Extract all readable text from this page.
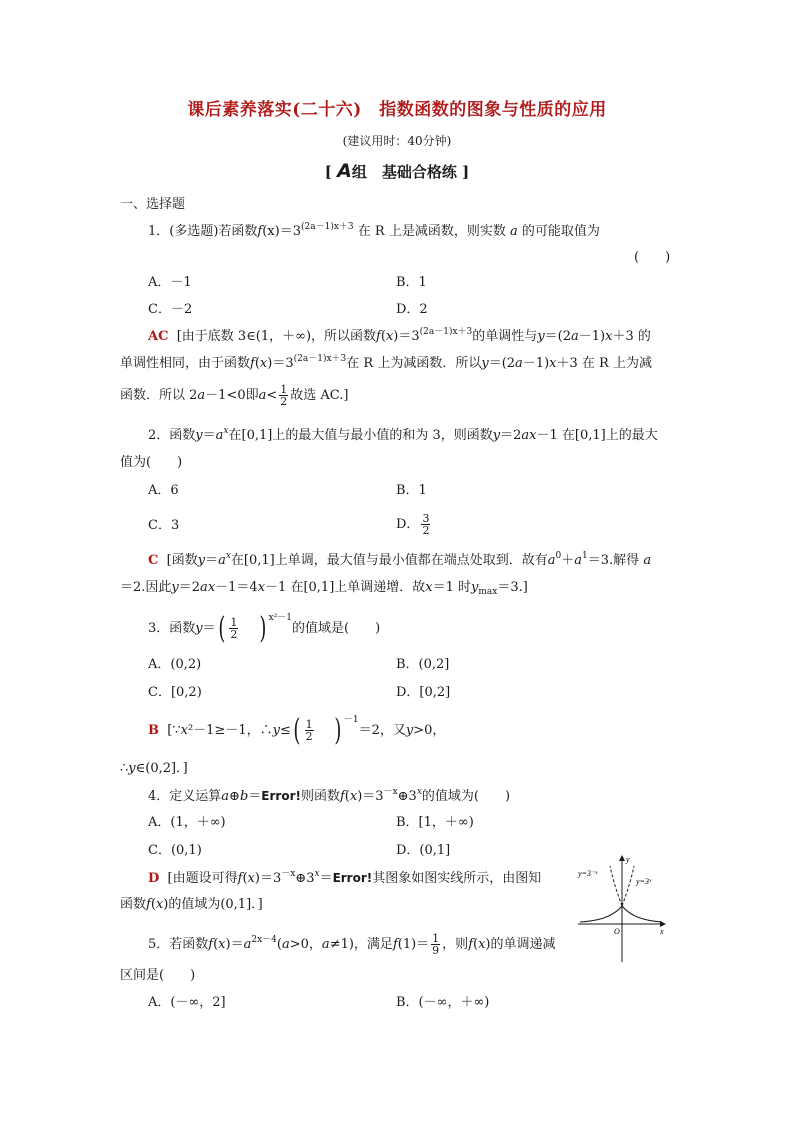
课后素养落实(二十六)　指数函数的图象与性质的应用
(建议用时：40分钟)
[ A组　基础合格练 ]
一、选择题
1．(多选题)若函数$f(x)=3^{(2a-1)x+3}$ 在 R 上是减函数，则实数 a 的可能取值为
(　　)
A．－1	B．1
C．－2	D．2
AC [由于底数 3∈(1，＋∞)，所以函数$f(x)=3^{(2a-1)x+3}$的单调性与y＝(2a－1)x＋3 的
单调性相同，由于函数$f(x)=3^{(2a-1)x+3}$在 R 上为减函数．所以y＝(2a－1)x＋3 在 R 上为减
函数．所以 2a－1<0即$a< \frac{1}{2}$ 故选 AC.]
2．函数$y=a^x$在[0,1]上的最大值与最小值的和为 3，则函数y＝2ax－1 在[0,1]上的最大
值为(　　)
A．6	B．1
C．3	D． $\frac{3}{2}$
C [函数$y=a^x$在[0,1]上单调，最大值与最小值都在端点处取到．故有$a^0+a^1=3$.解得 a
＝2.因此y＝2ax－1＝4x－1 在[0,1]上单调递增．故x＝1 时$y_{max}=3$.]
3．函数$y=( \frac{1}{2}$ ) $^{x^2-1}$的值域是(　　)
A．(0,2)	B．(0,2]
C．[0,2)	D．[0,2]
B [∵x²－1≥－1，∴y≤( $\frac{1}{2}$ ) $^{-1}$＝2，又y>0，
∴y∈(0,2]．]
4．定义运算a⊕b＝Error!则函数$f(x)=3^{-x}\oplus 3^x$的值域为(　　)
A．(1，＋∞)	B．[1，＋∞)
C．(0,1)	D．(0,1]
D [由题设可得$f(x)=3^{-x}\oplus 3^x=Error$!其图象如图实线所示，由图知
函数f(x)的值域为(0,1]．]
y=3⁻ˣ
y=3ˣ
y
x
O
5．若函数$f(x)=a^{2x-4}(a>0$，a≠1)，满足$f(1)= \frac{1}{9}$ ，则f(x)的单调递减
区间是(　　)
A．(－∞，2]	B．(－∞，＋∞)
